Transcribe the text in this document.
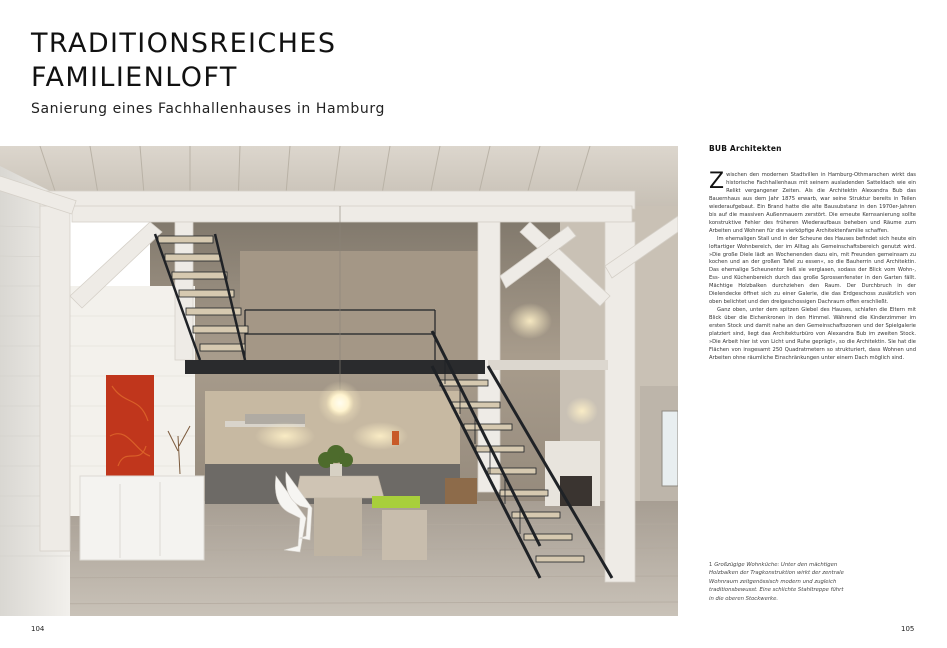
TRADITIONSREICHES
FAMILIENLOFT
Sanierung eines Fachhallenhauses in Hamburg
BUB Architekten

Zwischen den modernen Stadtvillen in Hamburg-Othmarschen wirkt das historische Fachhallenhaus mit seinem ausladenden Satteldach wie ein Relikt vergangener Zeiten. Als die Architektin Alexandra Bub das Bauernhaus aus dem Jahr 1875 erwarb, war seine Struktur bereits in Teilen wiederaufgebaut. Ein Brand hatte die alte Bausubstanz in den 1970er-Jahren bis auf die massiven Außenmauern zerstört. Die erneute Kernsanierung sollte konstruktive Fehler des früheren Wiederaufbaus beheben und Räume zum Arbeiten und Wohnen für die vierköpfige Architektenfamilie schaffen.

Im ehemaligen Stall und in der Scheune des Hauses befindet sich heute ein loftartiger Wohnbereich, der im Alltag als Gemeinschaftsbereich genutzt wird. »Die große Diele lädt an Wochenenden dazu ein, mit Freunden gemeinsam zu kochen und an der großen Tafel zu essen«, so die Bauherrin und Architektin. Das ehemalige Scheunentor ließ sie verglasen, sodass der Blick vom Wohn-, Ess- und Küchenbereich durch das große Sprossenfenster in den Garten fällt. Mächtige Holzbalken durchziehen den Raum. Der Durchbruch in der Dielendecke öffnet sich zu einer Galerie, die das Erdgeschoss zusätzlich von oben belichtet und den dreigeschossigen Dachraum offen erschließt.

Ganz oben, unter dem spitzen Giebel des Hauses, schlafen die Eltern mit Blick über die Eichenkronen in den Himmel. Während die Kinderzimmer im ersten Stock und damit nahe an den Gemeinschaftszonen und der Spielgalerie platziert sind, liegt das Architekturbüro von Alexandra Bub im zweiten Stock. »Die Arbeit hier ist von Licht und Ruhe geprägt«, so die Architektin. Sie hat die Flächen von insgesamt 250 Quadratmetern so strukturiert, dass Wohnen und Arbeiten ohne räumliche Einschränkungen unter einem Dach möglich sind.

1 Großzügige Wohnküche: Unter den mächtigen Holzbalken der Tragkonstruktion wirkt der zentrale Wohnraum zeitgenössisch modern und zugleich traditionsbewusst. Eine schlichte Stahltreppe führt in die oberen Stockwerke.
104	105
